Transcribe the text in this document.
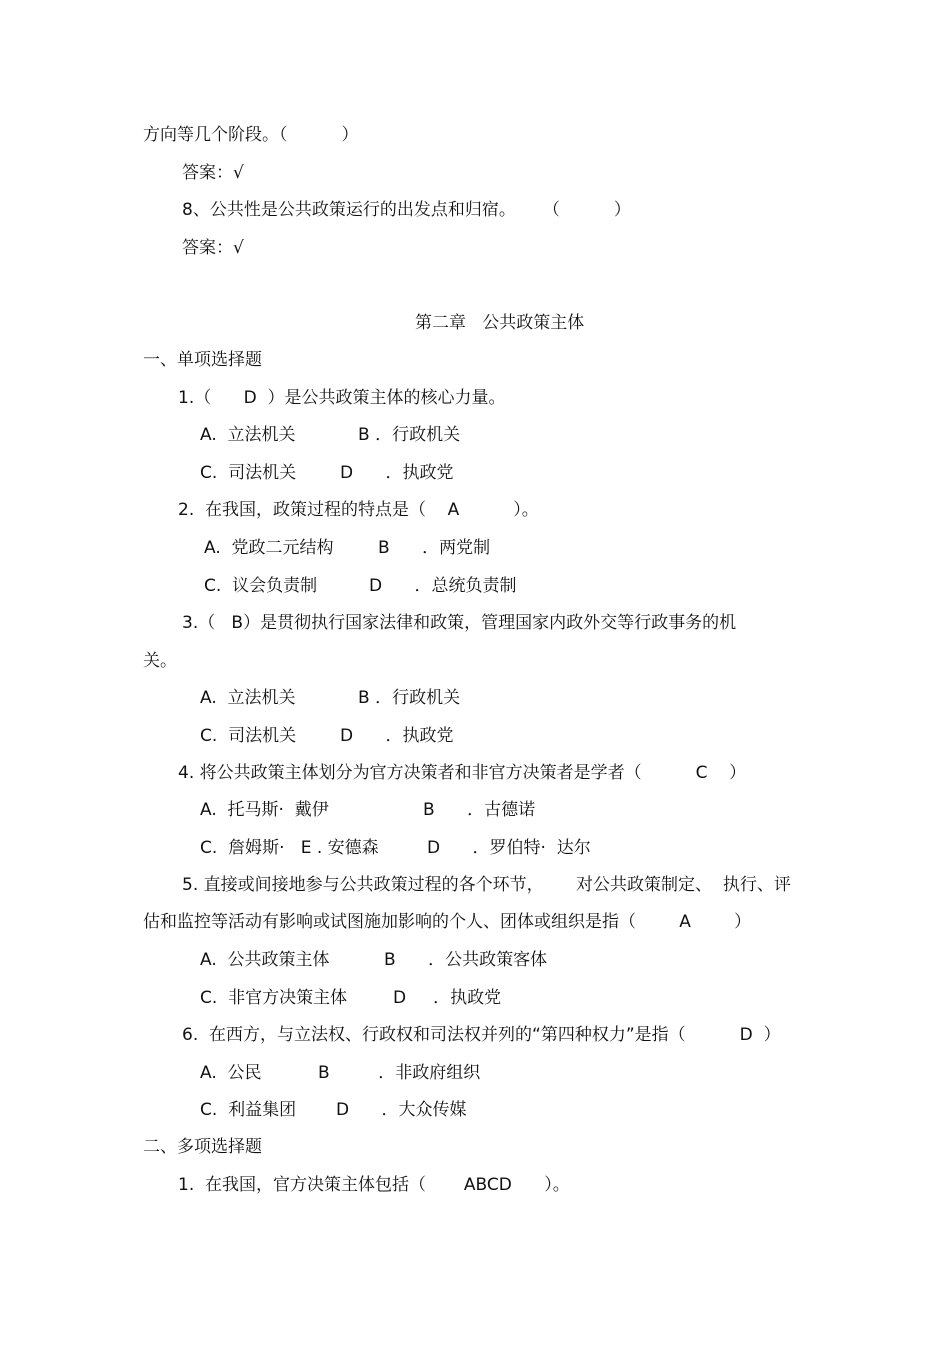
方向等几个阶段。（          ）
答案：√
8、公共性是公共政策运行的出发点和归宿。     （          ）
答案：√
第二章   公共政策主体
一、单项选择题
1.（      D  ）是公共政策主体的核心力量。
A.  立法机关	B ．行政机关
C.  司法机关	D      ．执政党
2.  在我国，政策过程的特点是（    A          ）。
A.  党政二元结构	B      ．两党制
C.  议会负责制	D      ．总统负责制
3.（   B）是贯彻执行国家法律和政策，管理国家内政外交等行政事务的机
关。
A.  立法机关	B ．行政机关
C.  司法机关	D      ．执政党
4. 将公共政策主体划分为官方决策者和非官方决策者是学者（          C    ）
A.  托马斯·  戴伊	B      ．古德诺
C.  詹姆斯·   E . 安德森	D      ．罗伯特·  达尔
5. 直接或间接地参与公共政策过程的各个环节，      对公共政策制定、  执行、评
估和监控等活动有影响或试图施加影响的个人、团体或组织是指（        A        ）
A.  公共政策主体	B      ．公共政策客体
C.  非官方决策主体	D     ．执政党
6.  在西方，与立法权、行政权和司法权并列的“第四种权力”是指（          D  ）
A.  公民	B         ．非政府组织
C.  利益集团 D      ．大众传媒
二、多项选择题
1.  在我国，官方决策主体包括（       ABCD      ）。
